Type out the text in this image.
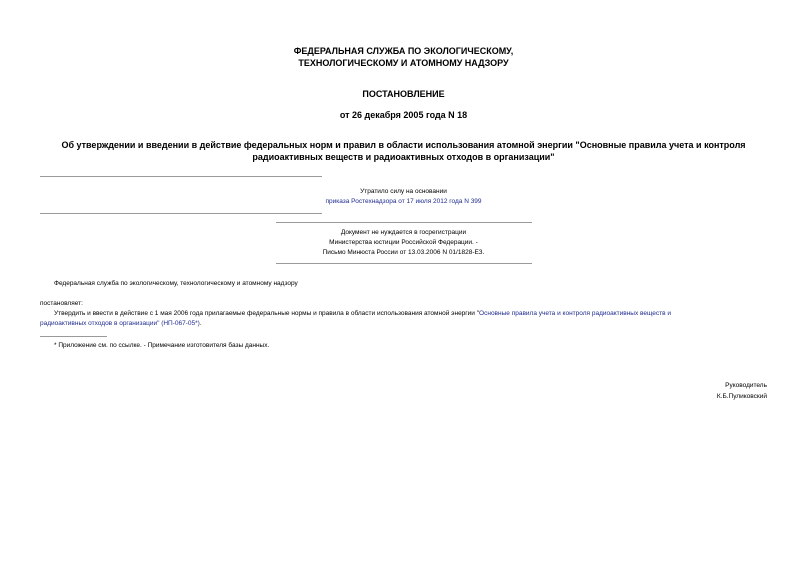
ФЕДЕРАЛЬНАЯ СЛУЖБА ПО ЭКОЛОГИЧЕСКОМУ,
ТЕХНОЛОГИЧЕСКОМУ И АТОМНОМУ НАДЗОРУ
ПОСТАНОВЛЕНИЕ
от 26 декабря 2005 года N 18
Об утверждении и введении в действие федеральных норм и правил в области использования атомной энергии "Основные правила учета и контроля
радиоактивных веществ и радиоактивных отходов в организации"
Утратило силу на основании
приказа Ростехнадзора от 17 июля 2012 года N 399
Документ не нуждается в госрегистрации
Министерства юстиции Российской Федерации. -
Письмо Минюста России от 13.03.2006 N 01/1828-ЕЗ.
Федеральная служба по экологическому, технологическому и атомному надзору
постановляет:
Утвердить и ввести в действие с 1 мая 2006 года прилагаемые федеральные нормы и правила в области использования атомной энергии "Основные правила учета и контроля радиоактивных веществ и
радиоактивных отходов в организации" (НП-067-05*).
* Приложение см. по ссылке. - Примечание изготовителя базы данных.
Руководитель
К.Б.Пуликовский
